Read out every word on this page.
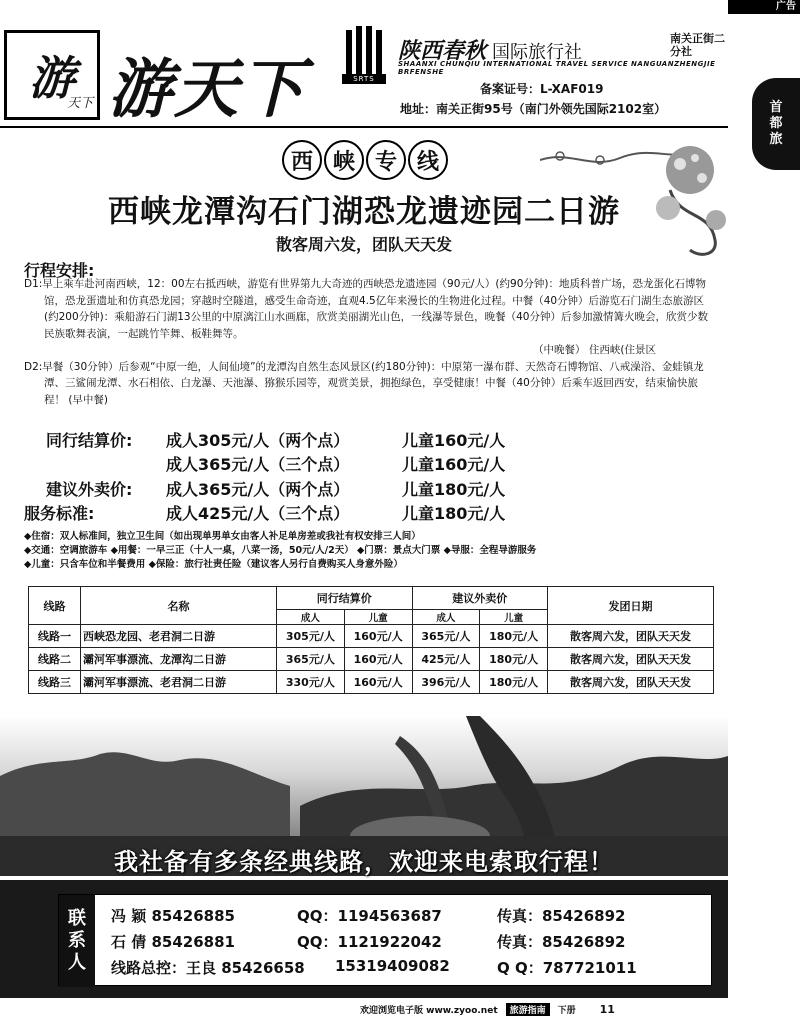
游
天下 游天下	SRTS
陕西春秋 国际旅行社
南关正街二分社
SHAANXI CHUNQIU INTERNATIONAL TRAVEL SERVICE NANGUANZHENGJIE BRFENSHE
备案证号：L-XAF019
地址：南关正街95号（南门外领先国际2102室）
西 峡 专 线
西峡龙潭沟石门湖恐龙遗迹园二日游
散客周六发，团队天天发
行程安排:

D1:早上乘车赴河南西峡，12：00左右抵西峡，游览有世界第九大奇迹的西峡恐龙遗迹园（90元/人）(约90分钟)：地质科普广场，恐龙蛋化石博物馆，恐龙蛋遗址和仿真恐龙园；穿越时空隧道，感受生命奇迹，直观4.5亿年来漫长的生物进化过程。中餐（40分钟）后游览石门湖生态旅游区(约200分钟)：乘船游石门湖13公里的中原漓江山水画廊，欣赏美丽湖光山色，一线瀑等景色，晚餐（40分钟）后参加激情篝火晚会，欣赏少数民族歌舞表演，一起跳竹竿舞、板鞋舞等。

（中晚餐） 住西峡(住景区

D2:早餐（30分钟）后参观“中原一绝，人间仙境”的龙潭沟自然生态风景区(约180分钟)：中原第一瀑布群、天然奇石博物馆、八戒澡浴、金蛙镇龙潭、三鲨闹龙潭、水石相依、白龙瀑、天池瀑、猕猴乐园等，观赏美景，拥抱绿色，享受健康！中餐（40分钟）后乘车返回西安，结束愉快旅程！ (早中餐)

同行结算价:	成人305元/人（两个点）	儿童160元/人
成人365元/人（三个点）	儿童160元/人
建议外卖价:	成人365元/人（两个点）	儿童180元/人
服务标准:	成人425元/人（三个点）	儿童180元/人
◆住宿：双人标准间，独立卫生间（如出现单男单女由客人补足单房差或我社有权安排三人间）
◆交通：空调旅游车 ◆用餐：一早三正（十人一桌，八菜一汤，50元/人/2天） ◆门票：景点大门票 ◆导服：全程导游服务
◆儿童：只含车位和半餐费用 ◆保险：旅行社责任险（建议客人另行自费购买人身意外险）
线路	名称	同行结算价		建议外卖价		发团日期
		成人	儿童	成人	儿童	
线路一	西峡恐龙园、老君洞二日游	305元/人	160元/人	365元/人	180元/人	散客周六发，团队天天发
线路二	灞河军事漂流、龙潭沟二日游	365元/人	160元/人	425元/人	180元/人	散客周六发，团队天天发
线路三	灞河军事漂流、老君洞二日游	330元/人	160元/人	396元/人	180元/人	散客周六发，团队天天发
我社备有多条经典线路，欢迎来电索取行程！
联
系
人
冯 颖 85426885	QQ：1194563687	传真：85426892
石 倩 85426881	QQ：1121922042	传真：85426892
线路总控：王良 85426658	15319409082	Q Q：787721011
欢迎浏览电子版 www.zyoo.net	旅游指南	下册 11
广告
首
都
旅
